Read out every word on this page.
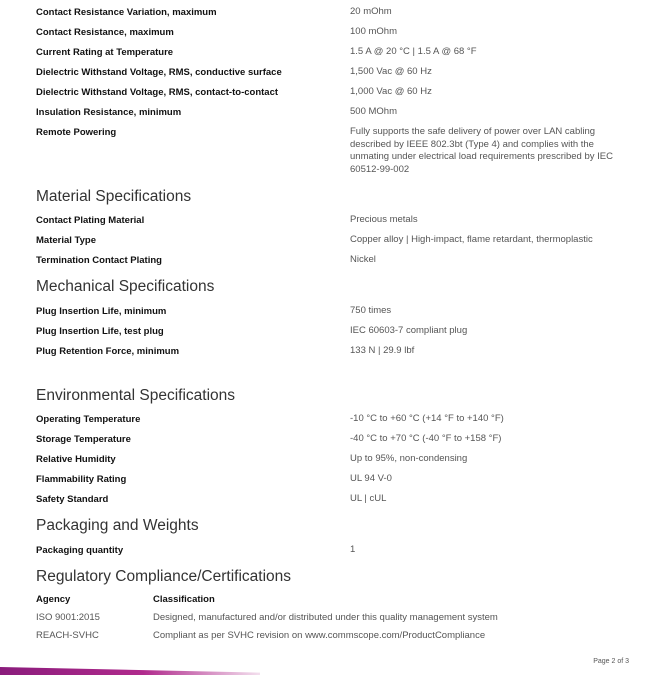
Contact Resistance Variation, maximum	20 mOhm
Contact Resistance, maximum	100 mOhm
Current Rating at Temperature	1.5 A @ 20 °C | 1.5 A @ 68 °F
Dielectric Withstand Voltage, RMS, conductive surface	1,500 Vac @ 60 Hz
Dielectric Withstand Voltage, RMS, contact-to-contact	1,000 Vac @ 60 Hz
Insulation Resistance, minimum	500 MOhm
Remote Powering	Fully supports the safe delivery of power over LAN cabling described by IEEE 802.3bt (Type 4) and complies with the unmating under electrical load requirements prescribed by IEC 60512-99-002
Material Specifications
Contact Plating Material	Precious metals
Material Type	Copper alloy | High-impact, flame retardant, thermoplastic
Termination Contact Plating	Nickel
Mechanical Specifications
Plug Insertion Life, minimum	750 times
Plug Insertion Life, test plug	IEC 60603-7 compliant plug
Plug Retention Force, minimum	133 N | 29.9 lbf
Environmental Specifications
Operating Temperature	-10 °C to +60 °C (+14 °F to +140 °F)
Storage Temperature	-40 °C to +70 °C (-40 °F to +158 °F)
Relative Humidity	Up to 95%, non-condensing
Flammability Rating	UL 94 V-0
Safety Standard	UL | cUL
Packaging and Weights
Packaging quantity	1
Regulatory Compliance/Certifications
Agency	Classification
ISO 9001:2015	Designed, manufactured and/or distributed under this quality management system
REACH-SVHC	Compliant as per SVHC revision on www.commscope.com/ProductCompliance
Page 2 of 3
